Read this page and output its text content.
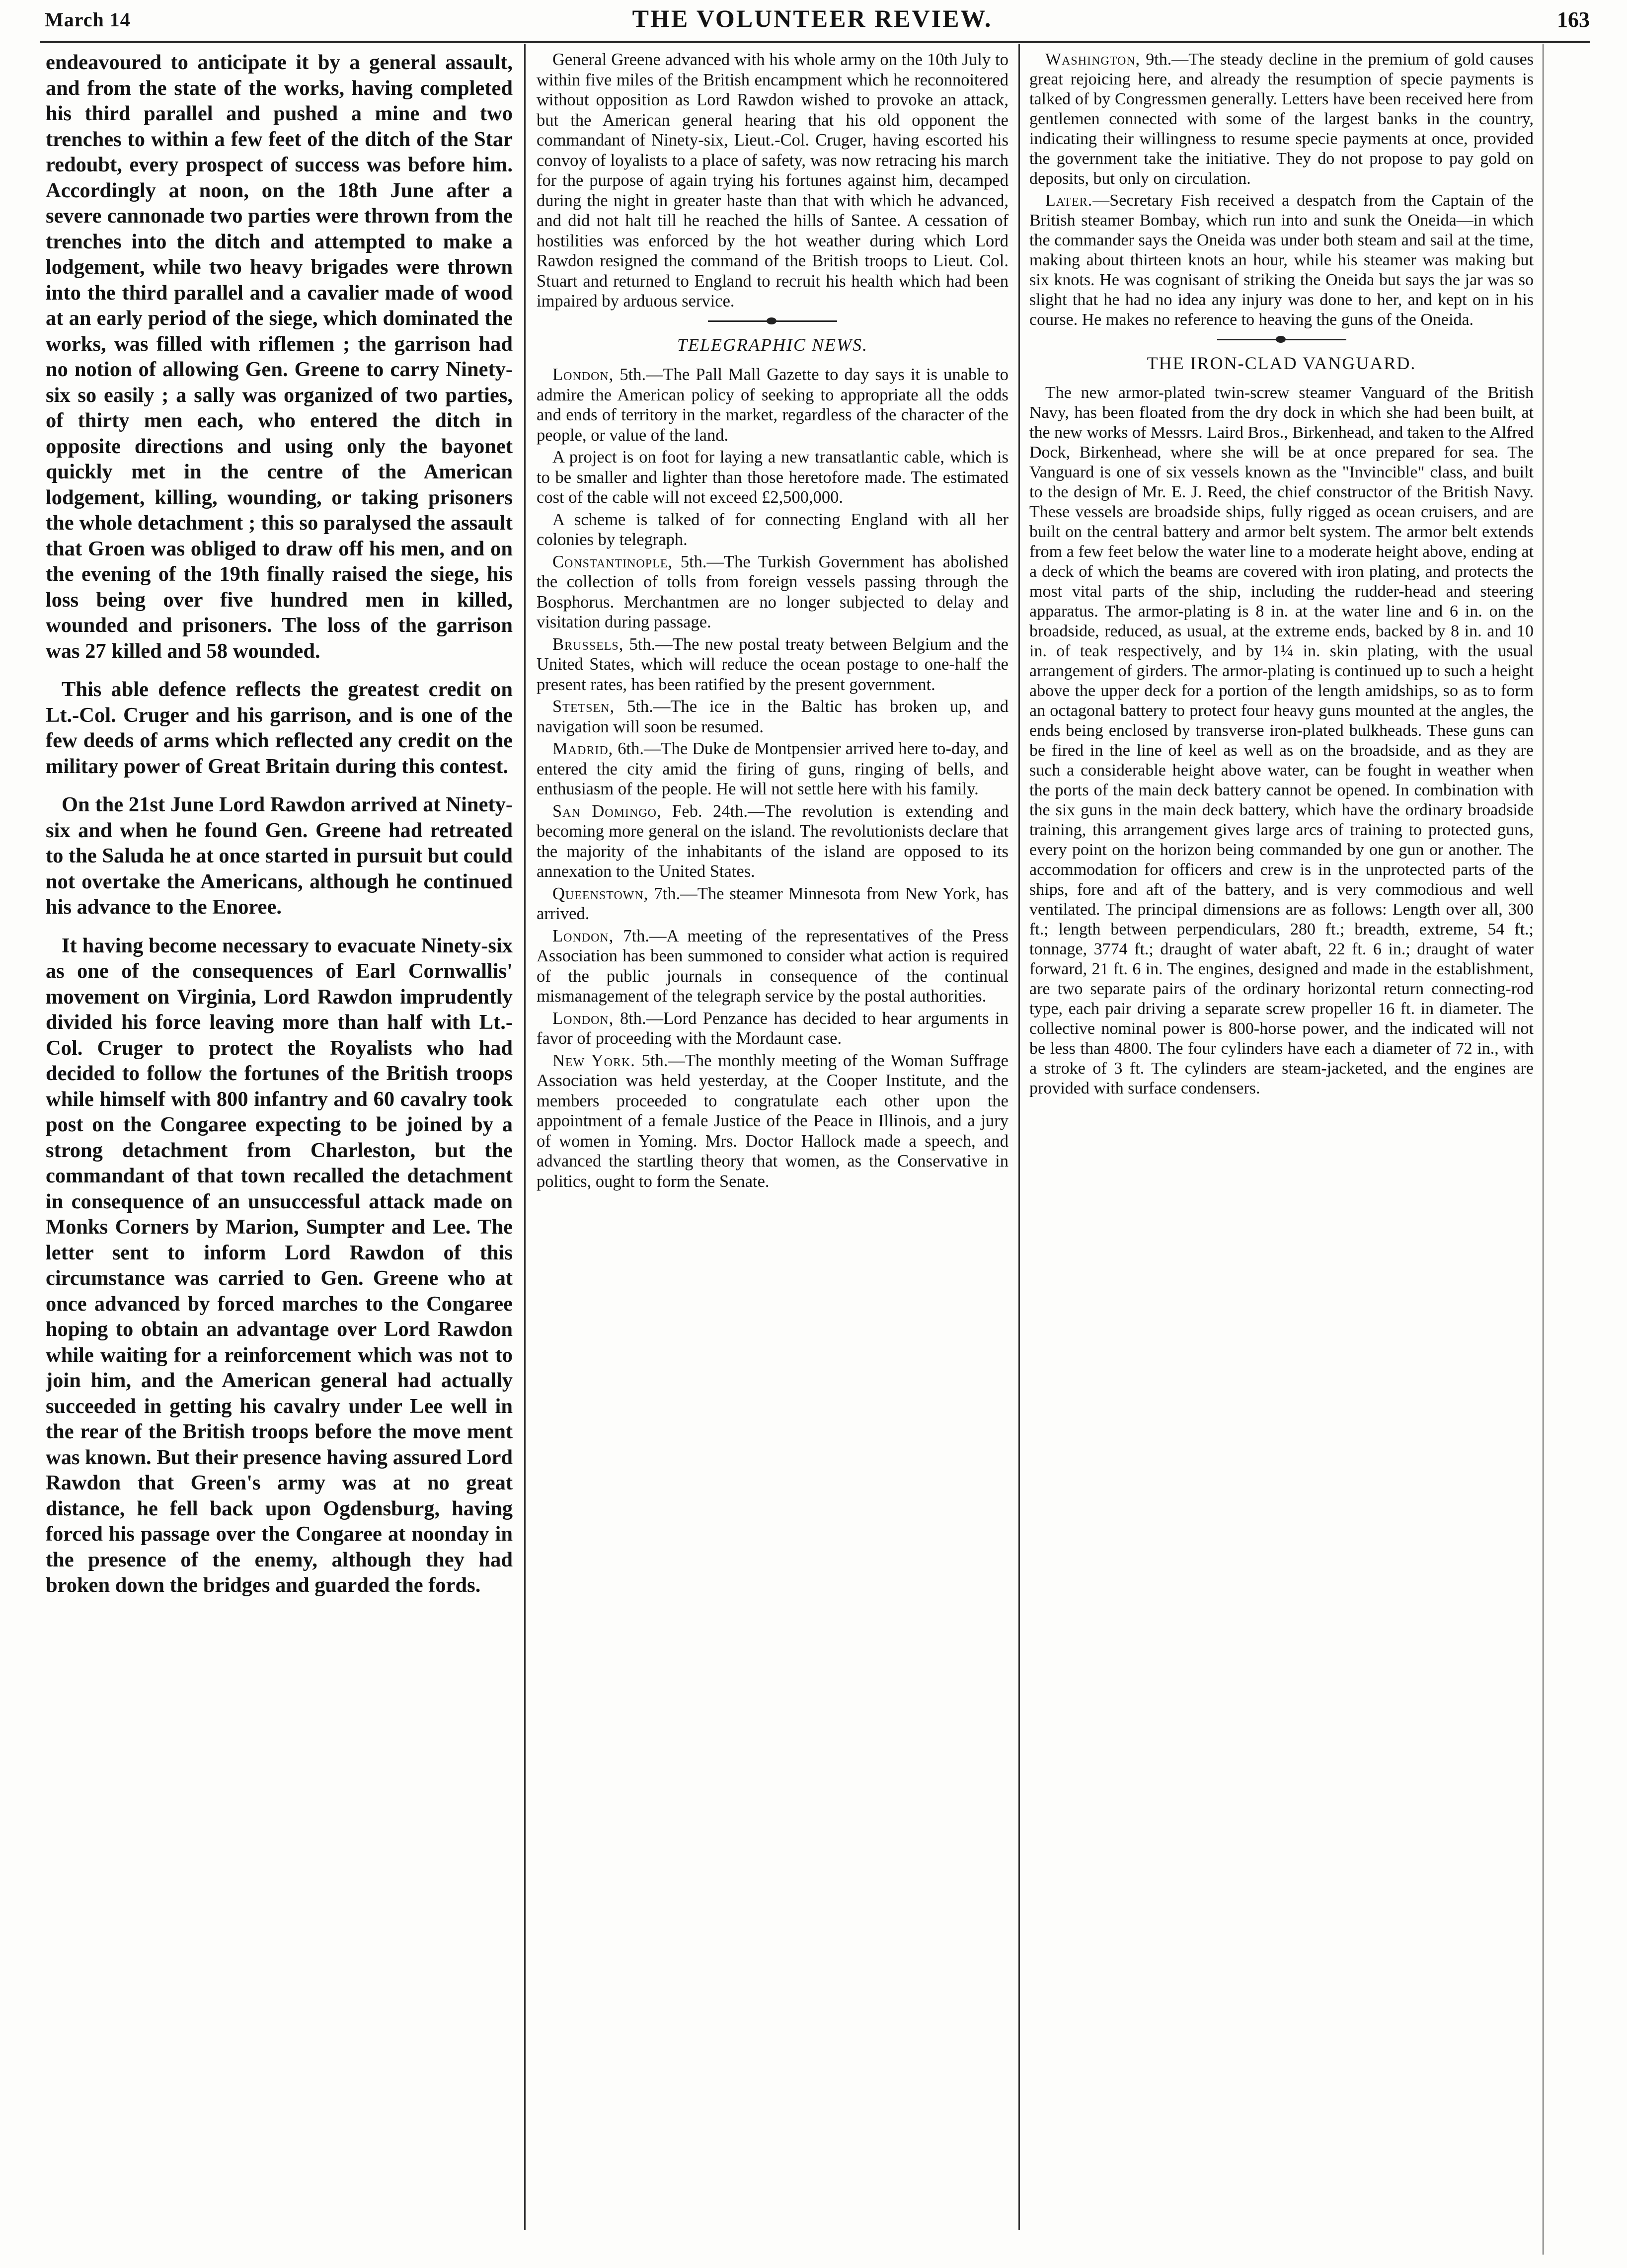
March 14	THE VOLUNTEER REVIEW.	163

endeavoured to anticipate it by a general assault, and from the state of the works, having completed his third parallel and pushed a mine and two trenches to within a few feet of the ditch of the Star redoubt, every prospect of success was before him. Accordingly at noon, on the 18th June after a severe cannonade two parties were thrown from the trenches into the ditch and attempted to make a lodgement, while two heavy brigades were thrown into the third parallel and a cavalier made of wood at an early period of the siege, which dominated the works, was filled with riflemen ; the garrison had no notion of allowing Gen. Greene to carry Ninety-six so easily ; a sally was organized of two parties, of thirty men each, who entered the ditch in opposite directions and using only the bayonet quickly met in the centre of the American lodgement, killing, wounding, or taking prisoners the whole detachment ; this so paralysed the assault that Groen was obliged to draw off his men, and on the evening of the 19th finally raised the siege, his loss being over five hundred men in killed, wounded and prisoners. The loss of the garrison was 27 killed and 58 wounded.

This able defence reflects the greatest credit on Lt.-Col. Cruger and his garrison, and is one of the few deeds of arms which reflected any credit on the military power of Great Britain during this contest.

On the 21st June Lord Rawdon arrived at Ninety-six and when he found Gen. Greene had retreated to the Saluda he at once started in pursuit but could not overtake the Americans, although he continued his advance to the Enoree.

It having become necessary to evacuate Ninety-six as one of the consequences of Earl Cornwallis' movement on Virginia, Lord Rawdon imprudently divided his force leaving more than half with Lt.-Col. Cruger to protect the Royalists who had decided to follow the fortunes of the British troops while himself with 800 infantry and 60 cavalry took post on the Congaree expecting to be joined by a strong detachment from Charleston, but the commandant of that town recalled the detachment in consequence of an unsuccessful attack made on Monks Corners by Marion, Sumpter and Lee. The letter sent to inform Lord Rawdon of this circumstance was carried to Gen. Greene who at once advanced by forced marches to the Congaree hoping to obtain an advantage over Lord Rawdon while waiting for a reinforcement which was not to join him, and the American general had actually succeeded in getting his cavalry under Lee well in the rear of the British troops before the move ment was known. But their presence having assured Lord Rawdon that Green's army was at no great distance, he fell back upon Ogdensburg, having forced his passage over the Congaree at noonday in the presence of the enemy, although they had broken down the bridges and guarded the fords.

General Greene advanced with his whole army on the 10th July to within five miles of the British encampment which he reconnoitered without opposition as Lord Rawdon wished to provoke an attack, but the American general hearing that his old opponent the commandant of Ninety-six, Lieut.-Col. Cruger, having escorted his convoy of loyalists to a place of safety, was now retracing his march for the purpose of again trying his fortunes against him, decamped during the night in greater haste than that with which he advanced, and did not halt till he reached the hills of Santee. A cessation of hostilities was enforced by the hot weather during which Lord Rawdon resigned the command of the British troops to Lieut. Col. Stuart and returned to England to recruit his health which had been impaired by arduous service.

TELEGRAPHIC NEWS.

London, 5th.—The Pall Mall Gazette to day says it is unable to admire the American policy of seeking to appropriate all the odds and ends of territory in the market, regardless of the character of the people, or value of the land.

A project is on foot for laying a new transatlantic cable, which is to be smaller and lighter than those heretofore made. The estimated cost of the cable will not exceed £2,500,000.

A scheme is talked of for connecting England with all her colonies by telegraph.

Constantinople, 5th.—The Turkish Government has abolished the collection of tolls from foreign vessels passing through the Bosphorus. Merchantmen are no longer subjected to delay and visitation during passage.

Brussels, 5th.—The new postal treaty between Belgium and the United States, which will reduce the ocean postage to one-half the present rates, has been ratified by the present government.

Stetsen, 5th.—The ice in the Baltic has broken up, and navigation will soon be resumed.

Madrid, 6th.—The Duke de Montpensier arrived here to-day, and entered the city amid the firing of guns, ringing of bells, and enthusiasm of the people. He will not settle here with his family.

San Domingo, Feb. 24th.—The revolution is extending and becoming more general on the island. The revolutionists declare that the majority of the inhabitants of the island are opposed to its annexation to the United States.

Queenstown, 7th.—The steamer Minnesota from New York, has arrived.

London, 7th.—A meeting of the representatives of the Press Association has been summoned to consider what action is required of the public journals in consequence of the continual mismanagement of the telegraph service by the postal authorities.

London, 8th.—Lord Penzance has decided to hear arguments in favor of proceeding with the Mordaunt case.

New York. 5th.—The monthly meeting of the Woman Suffrage Association was held yesterday, at the Cooper Institute, and the members proceeded to congratulate each other upon the appointment of a female Justice of the Peace in Illinois, and a jury of women in Yoming. Mrs. Doctor Hallock made a speech, and advanced the startling theory that women, as the Conservative in politics, ought to form the Senate.

Washington, 9th.—The steady decline in the premium of gold causes great rejoicing here, and already the resumption of specie payments is talked of by Congressmen generally. Letters have been received here from gentlemen connected with some of the largest banks in the country, indicating their willingness to resume specie payments at once, provided the government take the initiative. They do not propose to pay gold on deposits, but only on circulation.

Later.—Secretary Fish received a despatch from the Captain of the British steamer Bombay, which run into and sunk the Oneida—in which the commander says the Oneida was under both steam and sail at the time, making about thirteen knots an hour, while his steamer was making but six knots. He was cognisant of striking the Oneida but says the jar was so slight that he had no idea any injury was done to her, and kept on in his course. He makes no reference to heaving the guns of the Oneida.

THE IRON-CLAD VANGUARD.

The new armor-plated twin-screw steamer Vanguard of the British Navy, has been floated from the dry dock in which she had been built, at the new works of Messrs. Laird Bros., Birkenhead, and taken to the Alfred Dock, Birkenhead, where she will be at once prepared for sea. The Vanguard is one of six vessels known as the "Invincible" class, and built to the design of Mr. E. J. Reed, the chief constructor of the British Navy. These vessels are broadside ships, fully rigged as ocean cruisers, and are built on the central battery and armor belt system. The armor belt extends from a few feet below the water line to a moderate height above, ending at a deck of which the beams are covered with iron plating, and protects the most vital parts of the ship, including the rudder-head and steering apparatus. The armor-plating is 8 in. at the water line and 6 in. on the broadside, reduced, as usual, at the extreme ends, backed by 8 in. and 10 in. of teak respectively, and by 1¼ in. skin plating, with the usual arrangement of girders. The armor-plating is continued up to such a height above the upper deck for a portion of the length amidships, so as to form an octagonal battery to protect four heavy guns mounted at the angles, the ends being enclosed by transverse iron-plated bulkheads. These guns can be fired in the line of keel as well as on the broadside, and as they are such a considerable height above water, can be fought in weather when the ports of the main deck battery cannot be opened. In combination with the six guns in the main deck battery, which have the ordinary broadside training, this arrangement gives large arcs of training to protected guns, every point on the horizon being commanded by one gun or another. The accommodation for officers and crew is in the unprotected parts of the ships, fore and aft of the battery, and is very commodious and well ventilated. The principal dimensions are as follows: Length over all, 300 ft.; length between perpendiculars, 280 ft.; breadth, extreme, 54 ft.; tonnage, 3774 ft.; draught of water abaft, 22 ft. 6 in.; draught of water forward, 21 ft. 6 in. The engines, designed and made in the establishment, are two separate pairs of the ordinary horizontal return connecting-rod type, each pair driving a separate screw propeller 16 ft. in diameter. The collective nominal power is 800-horse power, and the indicated will not be less than 4800. The four cylinders have each a diameter of 72 in., with a stroke of 3 ft. The cylinders are steam-jacketed, and the engines are provided with surface condensers.
